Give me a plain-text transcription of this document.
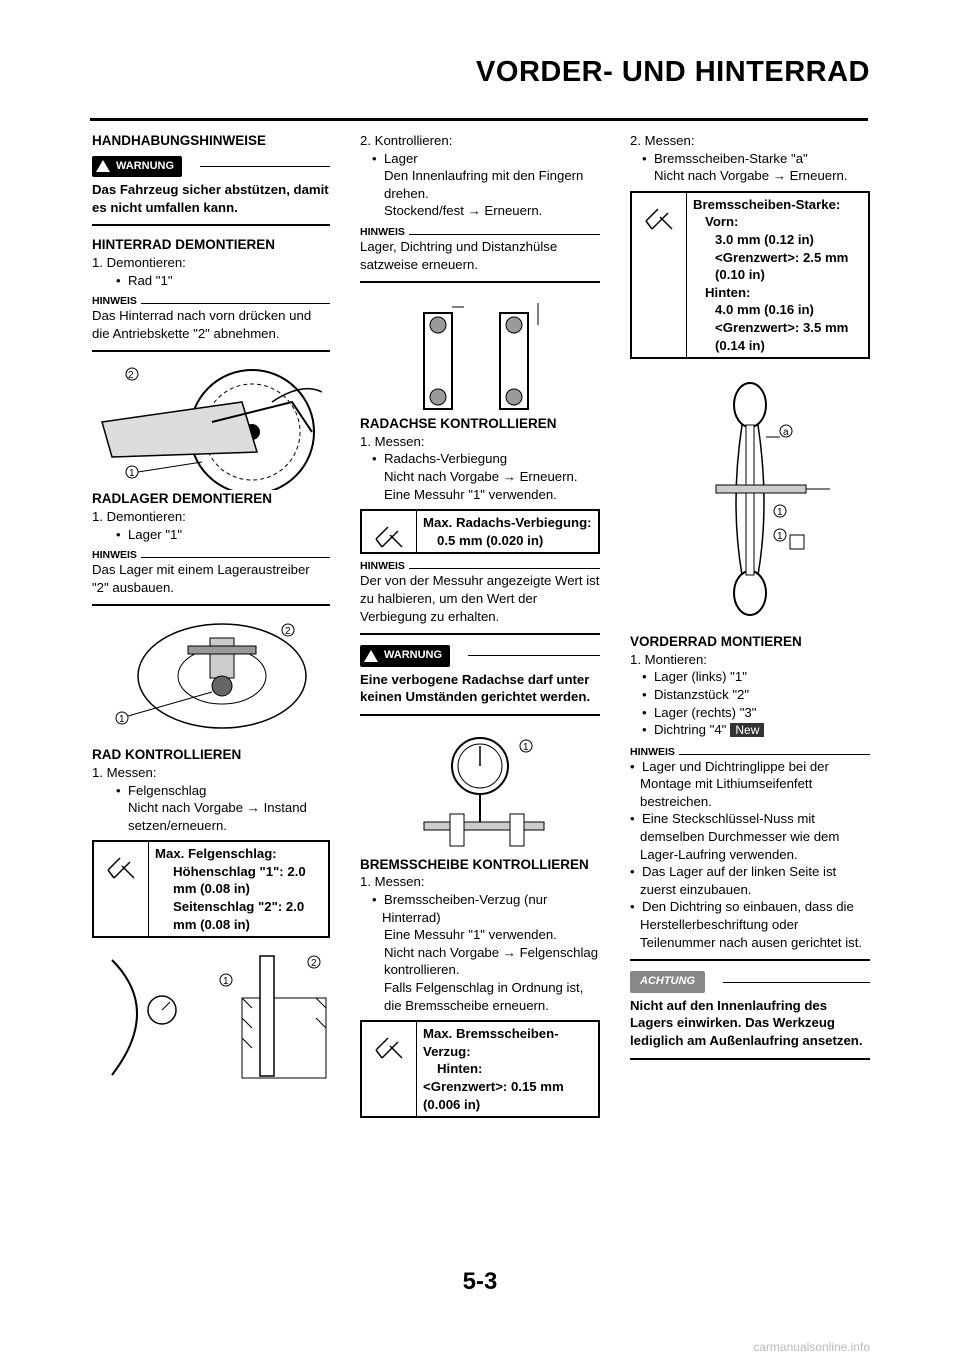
VORDER- UND HINTERRAD

HANDHABUNGSHINWEISE

WARNUNG

Das Fahrzeug sicher abstützen, damit es nicht umfallen kann.

HINTERRAD DEMONTIEREN

1. Demontieren:

•  Rad "1"

HINWEIS

Das Hinterrad nach vorn drücken und die Antriebskette "2" abnehmen.

2
1

RADLAGER DEMONTIEREN

1. Demontieren:

•  Lager "1"

HINWEIS

Das Lager mit einem Lageraustreiber "2" ausbauen.

2
1

RAD KONTROLLIEREN

1. Messen:

•  Felgenschlag

Nicht nach Vorgabe → Instand setzen/erneuern.

Max. Felgenschlag:
Höhenschlag "1": 2.0 mm (0.08 in)
Seitenschlag "2": 2.0 mm (0.08 in)
1
2

2. Kontrollieren:

•  Lager

Den Innenlaufring mit den Fingern drehen.

Stockend/fest → Erneuern.

HINWEIS

Lager, Dichtring und Distanzhülse satzweise erneuern.

RADACHSE KONTROLLIEREN

1. Messen:

•  Radachs-Verbiegung

Nicht nach Vorgabe → Erneuern.

Eine Messuhr "1" verwenden.

Max. Radachs-Verbiegung:
0.5 mm (0.020 in)
HINWEIS

Der von der Messuhr angezeigte Wert ist zu halbieren, um den Wert der Verbiegung zu erhalten.

WARNUNG

Eine verbogene Radachse darf unter keinen Umständen gerichtet werden.

1

BREMSSCHEIBE KONTROLLIEREN

1. Messen:

•  Bremsscheiben-Verzug (nur Hinterrad)

Eine Messuhr "1" verwenden.

Nicht nach Vorgabe → Felgenschlag kontrollieren.

Falls Felgenschlag in Ordnung ist, die Bremsscheibe erneuern.

Max. Bremsscheiben-Verzug:
Hinten:
<Grenzwert>: 0.15 mm (0.006 in)

2. Messen:

•  Bremsscheiben-Starke "a"

Nicht nach Vorgabe → Erneuern.

Bremsscheiben-Starke:
Vorn:
3.0 mm (0.12 in)
<Grenzwert>: 2.5 mm (0.10 in)
Hinten:
4.0 mm (0.16 in)
<Grenzwert>: 3.5 mm (0.14 in)
a
1
1

VORDERRAD MONTIEREN

1. Montieren:

•  Lager (links) "1"

•  Distanzstück "2"

•  Lager (rechts) "3"

•  Dichtring "4" New

HINWEIS

•  Lager und Dichtringlippe bei der Montage mit Lithiumseifenfett bestreichen.

•  Eine Steckschlüssel-Nuss mit demselben Durchmesser wie dem Lager-Laufring verwenden.

•  Das Lager auf der linken Seite ist zuerst einzubauen.

•  Den Dichtring so einbauen, dass die Herstellerbeschriftung oder Teilenummer nach ausen gerichtet ist.

ACHTUNG

Nicht auf den Innenlaufring des Lagers einwirken. Das Werkzeug lediglich am Außenlaufring ansetzen.

5-3
carmanualsonline.info
